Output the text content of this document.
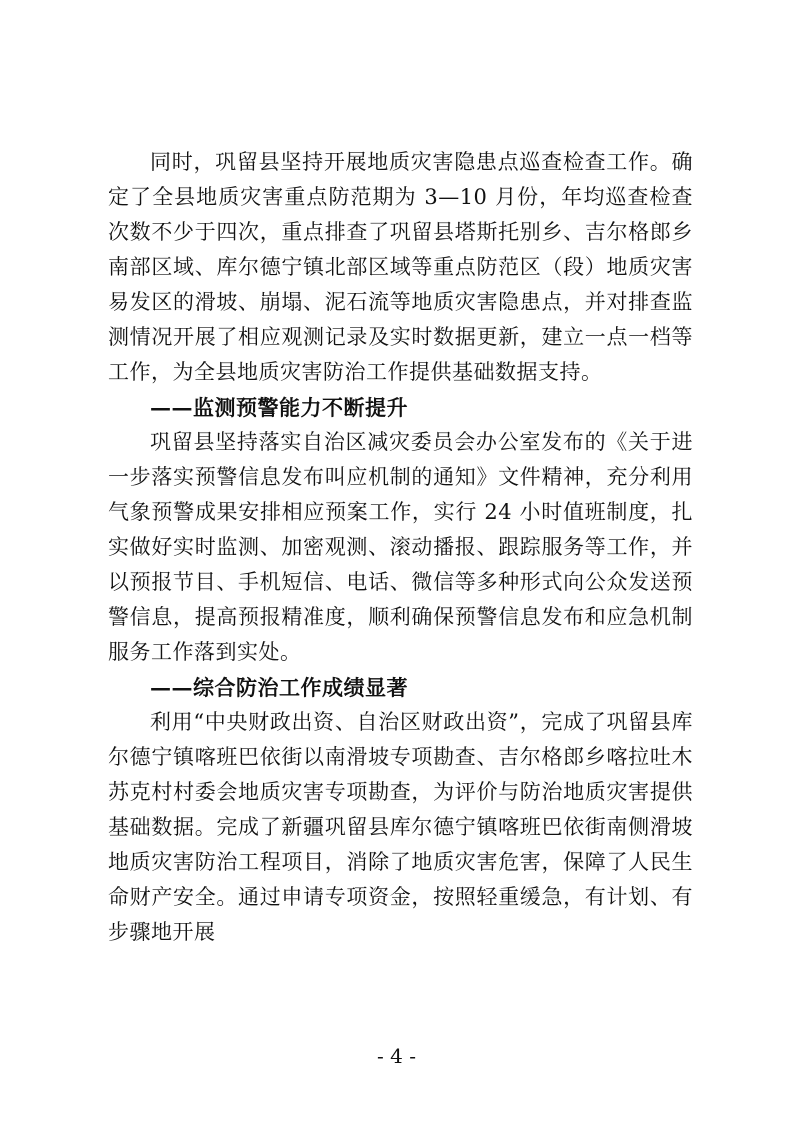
同时，巩留县坚持开展地质灾害隐患点巡查检查工作。确定了全县地质灾害重点防范期为 3—10 月份，年均巡查检查次数不少于四次，重点排查了巩留县塔斯托别乡、吉尔格郎乡南部区域、库尔德宁镇北部区域等重点防范区（段）地质灾害易发区的滑坡、崩塌、泥石流等地质灾害隐患点，并对排查监测情况开展了相应观测记录及实时数据更新，建立一点一档等工作，为全县地质灾害防治工作提供基础数据支持。

——监测预警能力不断提升

巩留县坚持落实自治区减灾委员会办公室发布的《关于进一步落实预警信息发布叫应机制的通知》文件精神，充分利用气象预警成果安排相应预案工作，实行 24 小时值班制度，扎实做好实时监测、加密观测、滚动播报、跟踪服务等工作，并以预报节目、手机短信、电话、微信等多种形式向公众发送预警信息，提高预报精准度，顺利确保预警信息发布和应急机制服务工作落到实处。

——综合防治工作成绩显著

利用“中央财政出资、自治区财政出资”，完成了巩留县库尔德宁镇喀班巴依街以南滑坡专项勘查、吉尔格郎乡喀拉吐木苏克村村委会地质灾害专项勘查，为评价与防治地质灾害提供基础数据。完成了新疆巩留县库尔德宁镇喀班巴依街南侧滑坡地质灾害防治工程项目，消除了地质灾害危害，保障了人民生命财产安全。通过申请专项资金，按照轻重缓急，有计划、有步骤地开展

- 4 -
